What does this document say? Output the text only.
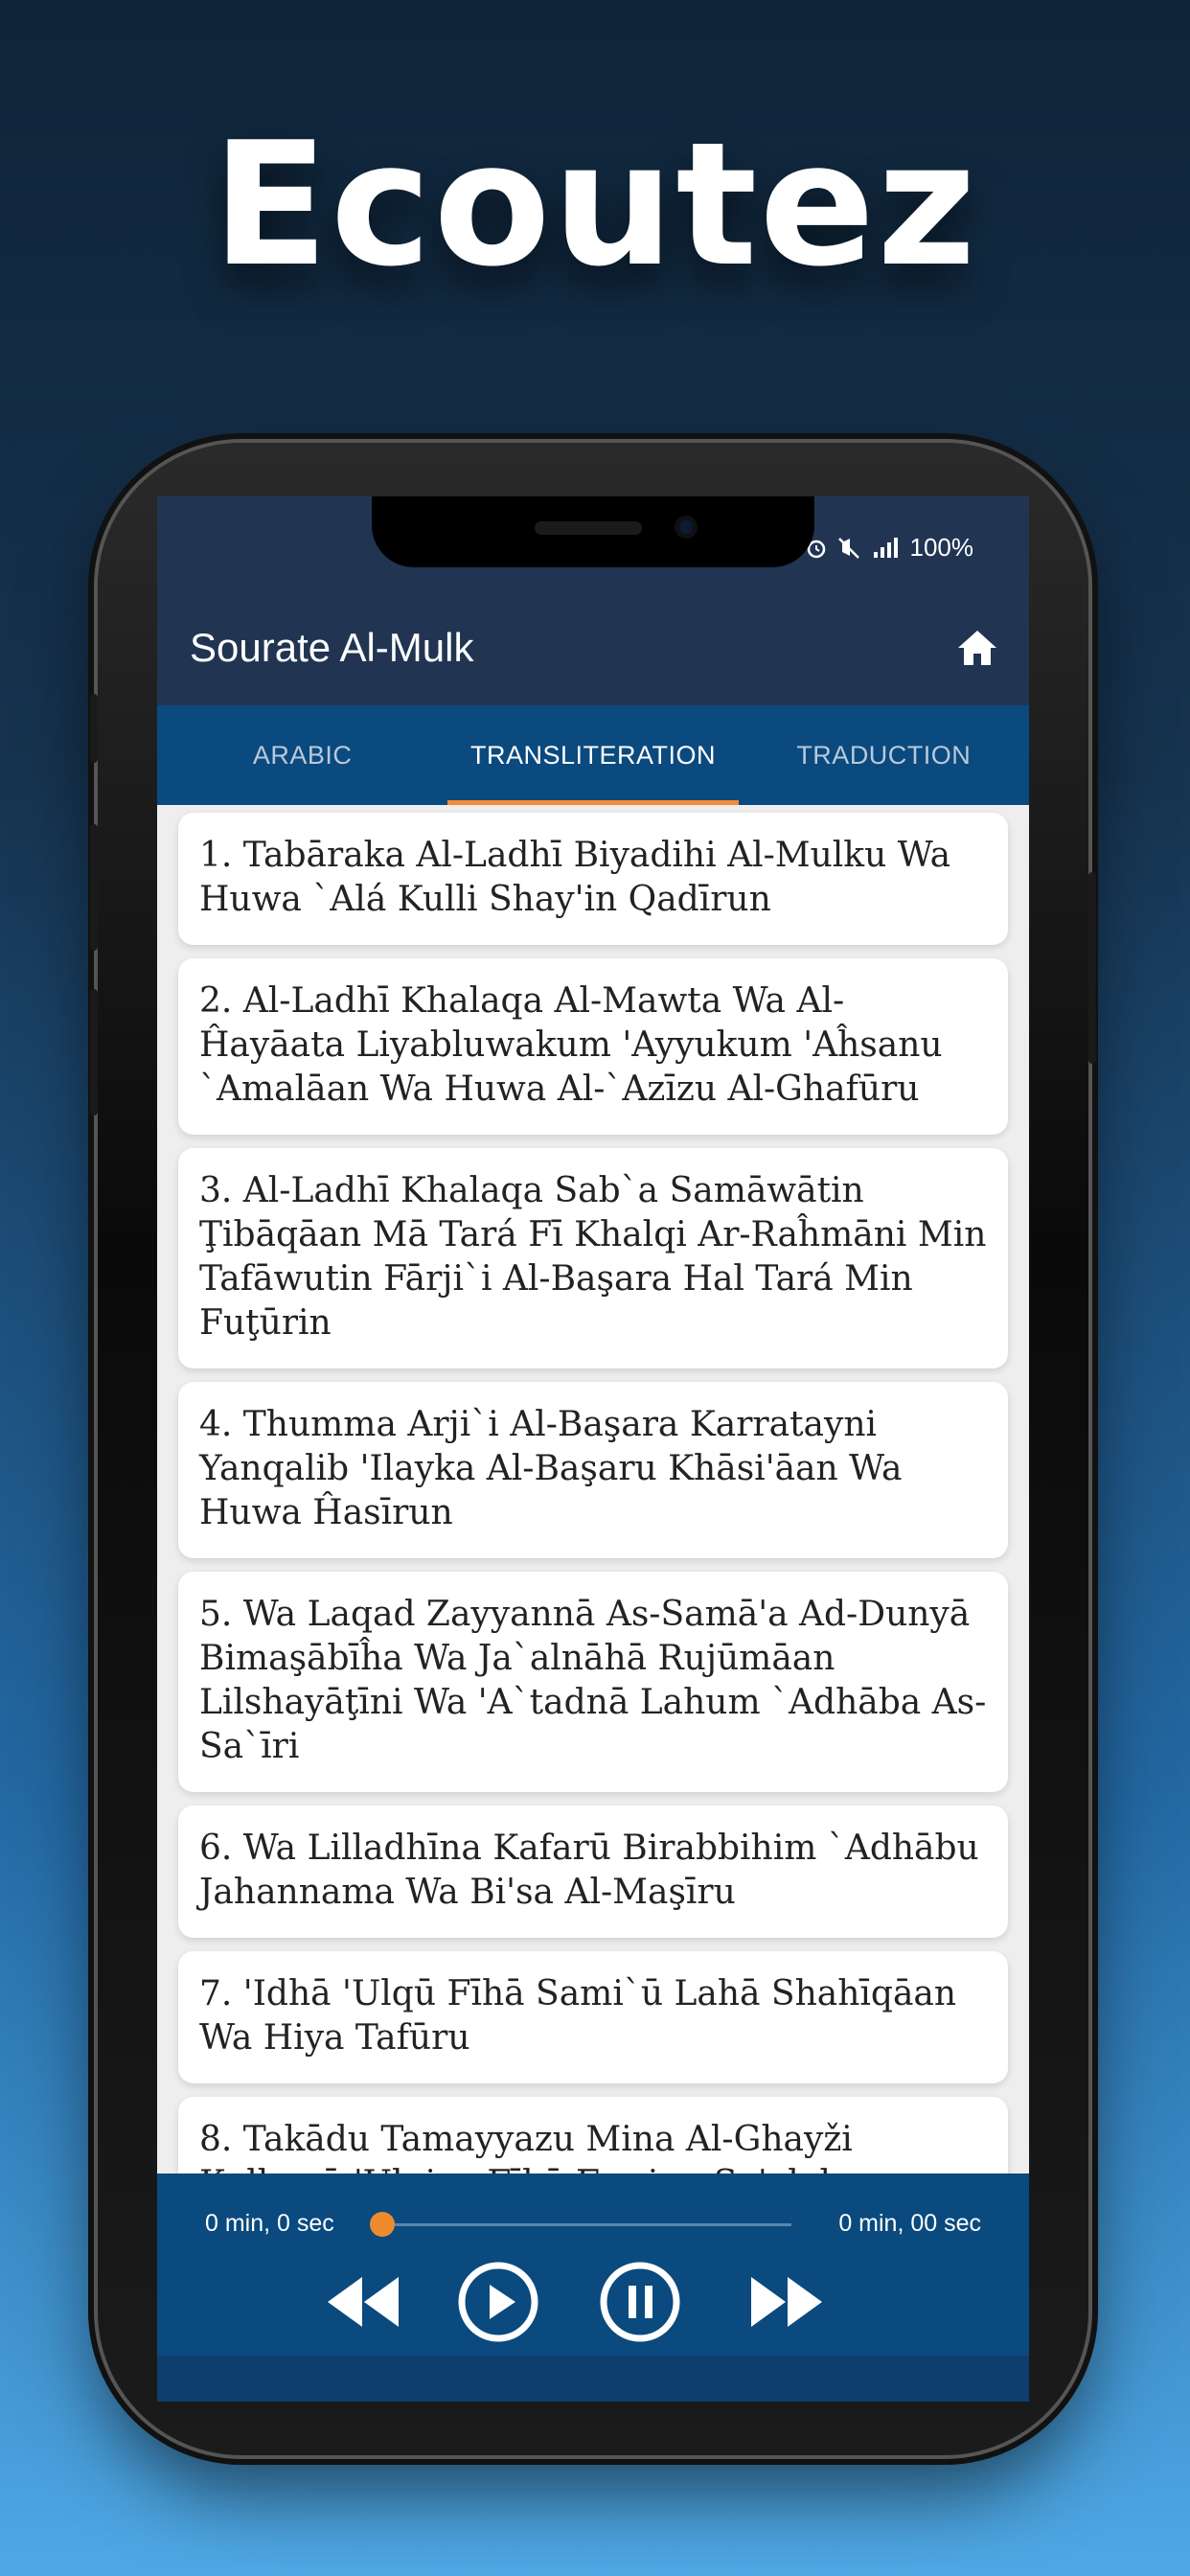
Ecoutez
100%
Sourate Al-Mulk
ARABIC	TRANSLITERATION	TRADUCTION
1. Tabāraka Al-Ladhī Biyadihi Al-Mulku Wa Huwa `Alá Kulli Shay'in Qadīrun
2. Al-Ladhī Khalaqa Al-Mawta Wa Al-Ĥayāata Liyabluwakum 'Ayyukum 'Aĥsanu `Amalāan Wa Huwa Al-`Azīzu Al-Ghafūru
3. Al-Ladhī Khalaqa Sab`a Samāwātin Ţibāqāan Mā Tará Fī Khalqi Ar-Raĥmāni Min Tafāwutin Fārji`i Al-Başara Hal Tará Min Fuţūrin
4. Thumma Arji`i Al-Başara Karratayni Yanqalib 'Ilayka Al-Başaru Khāsi'āan Wa Huwa Ĥasīrun
5. Wa Laqad Zayyannā As-Samā'a Ad-Dunyā Bimaşābīĥa Wa Ja`alnāhā Rujūmāan Lilshayāţīni Wa 'A`tadnā Lahum `Adhāba As-Sa`īri
6. Wa Lilladhīna Kafarū Birabbihim `Adhābu Jahannama Wa Bi'sa Al-Maşīru
7. 'Idhā 'Ulqū Fīhā Sami`ū Lahā Shahīqāan Wa Hiya Tafūru
8. Takādu Tamayyazu Mina Al-Ghayži
0 min, 0 sec	0 min, 00 sec
